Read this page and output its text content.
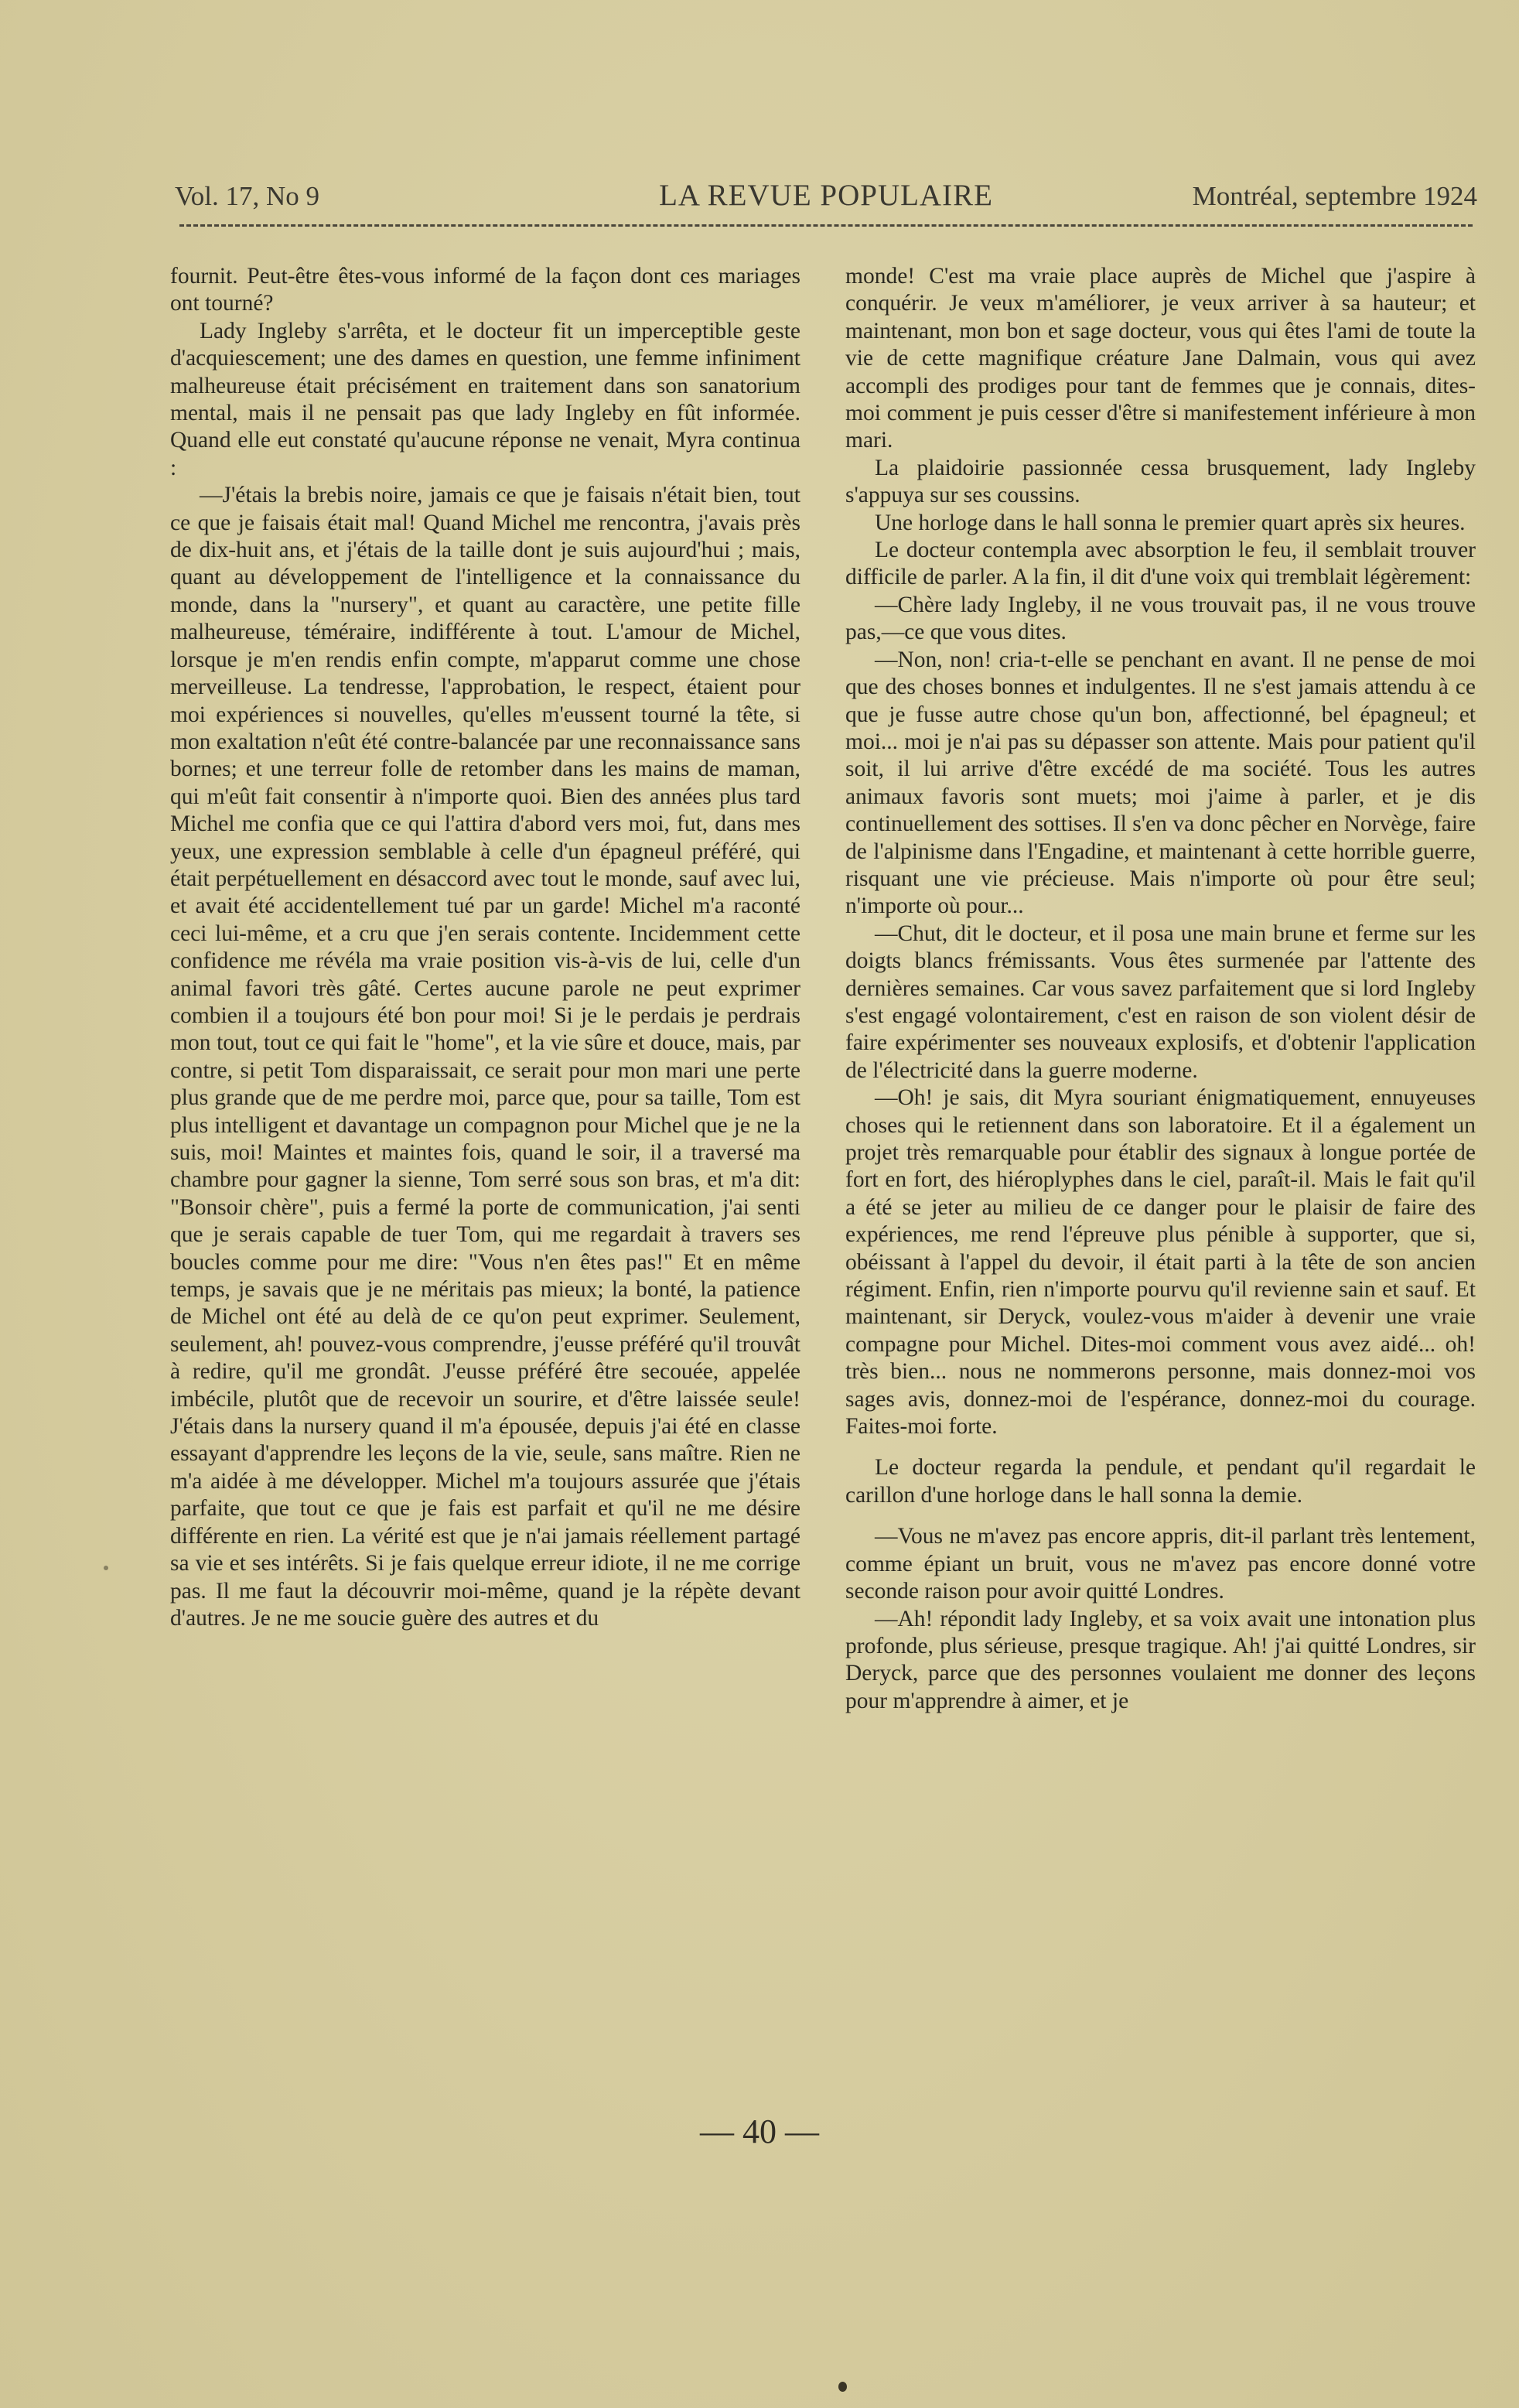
Vol. 17, No 9	LA REVUE POPULAIRE	Montréal, septembre 1924

fournit. Peut-être êtes-vous informé de la façon dont ces mariages ont tourné?

Lady Ingleby s'arrêta, et le docteur fit un imperceptible geste d'acquiescement; une des dames en question, une femme infiniment malheureuse était précisément en traitement dans son sanatorium mental, mais il ne pensait pas que lady Ingleby en fût informée. Quand elle eut constaté qu'aucune réponse ne venait, Myra continua :

—J'étais la brebis noire, jamais ce que je faisais n'était bien, tout ce que je faisais était mal! Quand Michel me rencontra, j'avais près de dix-huit ans, et j'étais de la taille dont je suis aujourd'hui ; mais, quant au développement de l'intelligence et la connaissance du monde, dans la "nursery", et quant au caractère, une petite fille malheureuse, téméraire, indifférente à tout. L'amour de Michel, lorsque je m'en rendis enfin compte, m'apparut comme une chose merveilleuse. La tendresse, l'approbation, le respect, étaient pour moi expériences si nouvelles, qu'elles m'eussent tourné la tête, si mon exaltation n'eût été contre-balancée par une reconnaissance sans bornes; et une terreur folle de retomber dans les mains de maman, qui m'eût fait consentir à n'importe quoi. Bien des années plus tard Michel me confia que ce qui l'attira d'abord vers moi, fut, dans mes yeux, une expression semblable à celle d'un épagneul préféré, qui était perpétuellement en désaccord avec tout le monde, sauf avec lui, et avait été accidentellement tué par un garde! Michel m'a raconté ceci lui-même, et a cru que j'en serais contente. Incidemment cette confidence me révéla ma vraie position vis-à-vis de lui, celle d'un animal favori très gâté. Certes aucune parole ne peut exprimer combien il a toujours été bon pour moi! Si je le perdais je perdrais mon tout, tout ce qui fait le "home", et la vie sûre et douce, mais, par contre, si petit Tom disparaissait, ce serait pour mon mari une perte plus grande que de me perdre moi, parce que, pour sa taille, Tom est plus intelligent et davantage un compagnon pour Michel que je ne la suis, moi! Maintes et maintes fois, quand le soir, il a traversé ma chambre pour gagner la sienne, Tom serré sous son bras, et m'a dit: "Bonsoir chère", puis a fermé la porte de communication, j'ai senti que je serais capable de tuer Tom, qui me regardait à travers ses boucles comme pour me dire: "Vous n'en êtes pas!" Et en même temps, je savais que je ne méritais pas mieux; la bonté, la patience de Michel ont été au delà de ce qu'on peut exprimer. Seulement, seulement, ah! pouvez-vous comprendre, j'eusse préféré qu'il trouvât à redire, qu'il me grondât. J'eusse préféré être secouée, appelée imbécile, plutôt que de recevoir un sourire, et d'être laissée seule! J'étais dans la nursery quand il m'a épousée, depuis j'ai été en classe essayant d'apprendre les leçons de la vie, seule, sans maître. Rien ne m'a aidée à me développer. Michel m'a toujours assurée que j'étais parfaite, que tout ce que je fais est parfait et qu'il ne me désire différente en rien. La vérité est que je n'ai jamais réellement partagé sa vie et ses intérêts. Si je fais quelque erreur idiote, il ne me corrige pas. Il me faut la découvrir moi-même, quand je la répète devant d'autres. Je ne me soucie guère des autres et du

monde! C'est ma vraie place auprès de Michel que j'aspire à conquérir. Je veux m'améliorer, je veux arriver à sa hauteur; et maintenant, mon bon et sage docteur, vous qui êtes l'ami de toute la vie de cette magnifique créature Jane Dalmain, vous qui avez accompli des prodiges pour tant de femmes que je connais, dites-moi comment je puis cesser d'être si manifestement inférieure à mon mari.

La plaidoirie passionnée cessa brusquement, lady Ingleby s'appuya sur ses coussins.

Une horloge dans le hall sonna le premier quart après six heures.

Le docteur contempla avec absorption le feu, il semblait trouver difficile de parler. A la fin, il dit d'une voix qui tremblait légèrement:

—Chère lady Ingleby, il ne vous trouvait pas, il ne vous trouve pas,—ce que vous dites.

—Non, non! cria-t-elle se penchant en avant. Il ne pense de moi que des choses bonnes et indulgentes. Il ne s'est jamais attendu à ce que je fusse autre chose qu'un bon, affectionné, bel épagneul; et moi... moi je n'ai pas su dépasser son attente. Mais pour patient qu'il soit, il lui arrive d'être excédé de ma société. Tous les autres animaux favoris sont muets; moi j'aime à parler, et je dis continuellement des sottises. Il s'en va donc pêcher en Norvège, faire de l'alpinisme dans l'Engadine, et maintenant à cette horrible guerre, risquant une vie précieuse. Mais n'importe où pour être seul; n'importe où pour...

—Chut, dit le docteur, et il posa une main brune et ferme sur les doigts blancs frémissants. Vous êtes surmenée par l'attente des dernières semaines. Car vous savez parfaitement que si lord Ingleby s'est engagé volontairement, c'est en raison de son violent désir de faire expérimenter ses nouveaux explosifs, et d'obtenir l'application de l'électricité dans la guerre moderne.

—Oh! je sais, dit Myra souriant énigmatiquement, ennuyeuses choses qui le retiennent dans son laboratoire. Et il a également un projet très remarquable pour établir des signaux à longue portée de fort en fort, des hiéroplyphes dans le ciel, paraît-il. Mais le fait qu'il a été se jeter au milieu de ce danger pour le plaisir de faire des expériences, me rend l'épreuve plus pénible à supporter, que si, obéissant à l'appel du devoir, il était parti à la tête de son ancien régiment. Enfin, rien n'importe pourvu qu'il revienne sain et sauf. Et maintenant, sir Deryck, voulez-vous m'aider à devenir une vraie compagne pour Michel. Dites-moi comment vous avez aidé... oh! très bien... nous ne nommerons personne, mais donnez-moi vos sages avis, donnez-moi de l'espérance, donnez-moi du courage. Faites-moi forte.

Le docteur regarda la pendule, et pendant qu'il regardait le carillon d'une horloge dans le hall sonna la demie.

—Vous ne m'avez pas encore appris, dit-il parlant très lentement, comme épiant un bruit, vous ne m'avez pas encore donné votre seconde raison pour avoir quitté Londres.

—Ah! répondit lady Ingleby, et sa voix avait une intonation plus profonde, plus sérieuse, presque tragique. Ah! j'ai quitté Londres, sir Deryck, parce que des personnes voulaient me donner des leçons pour m'apprendre à aimer, et je

— 40 —
